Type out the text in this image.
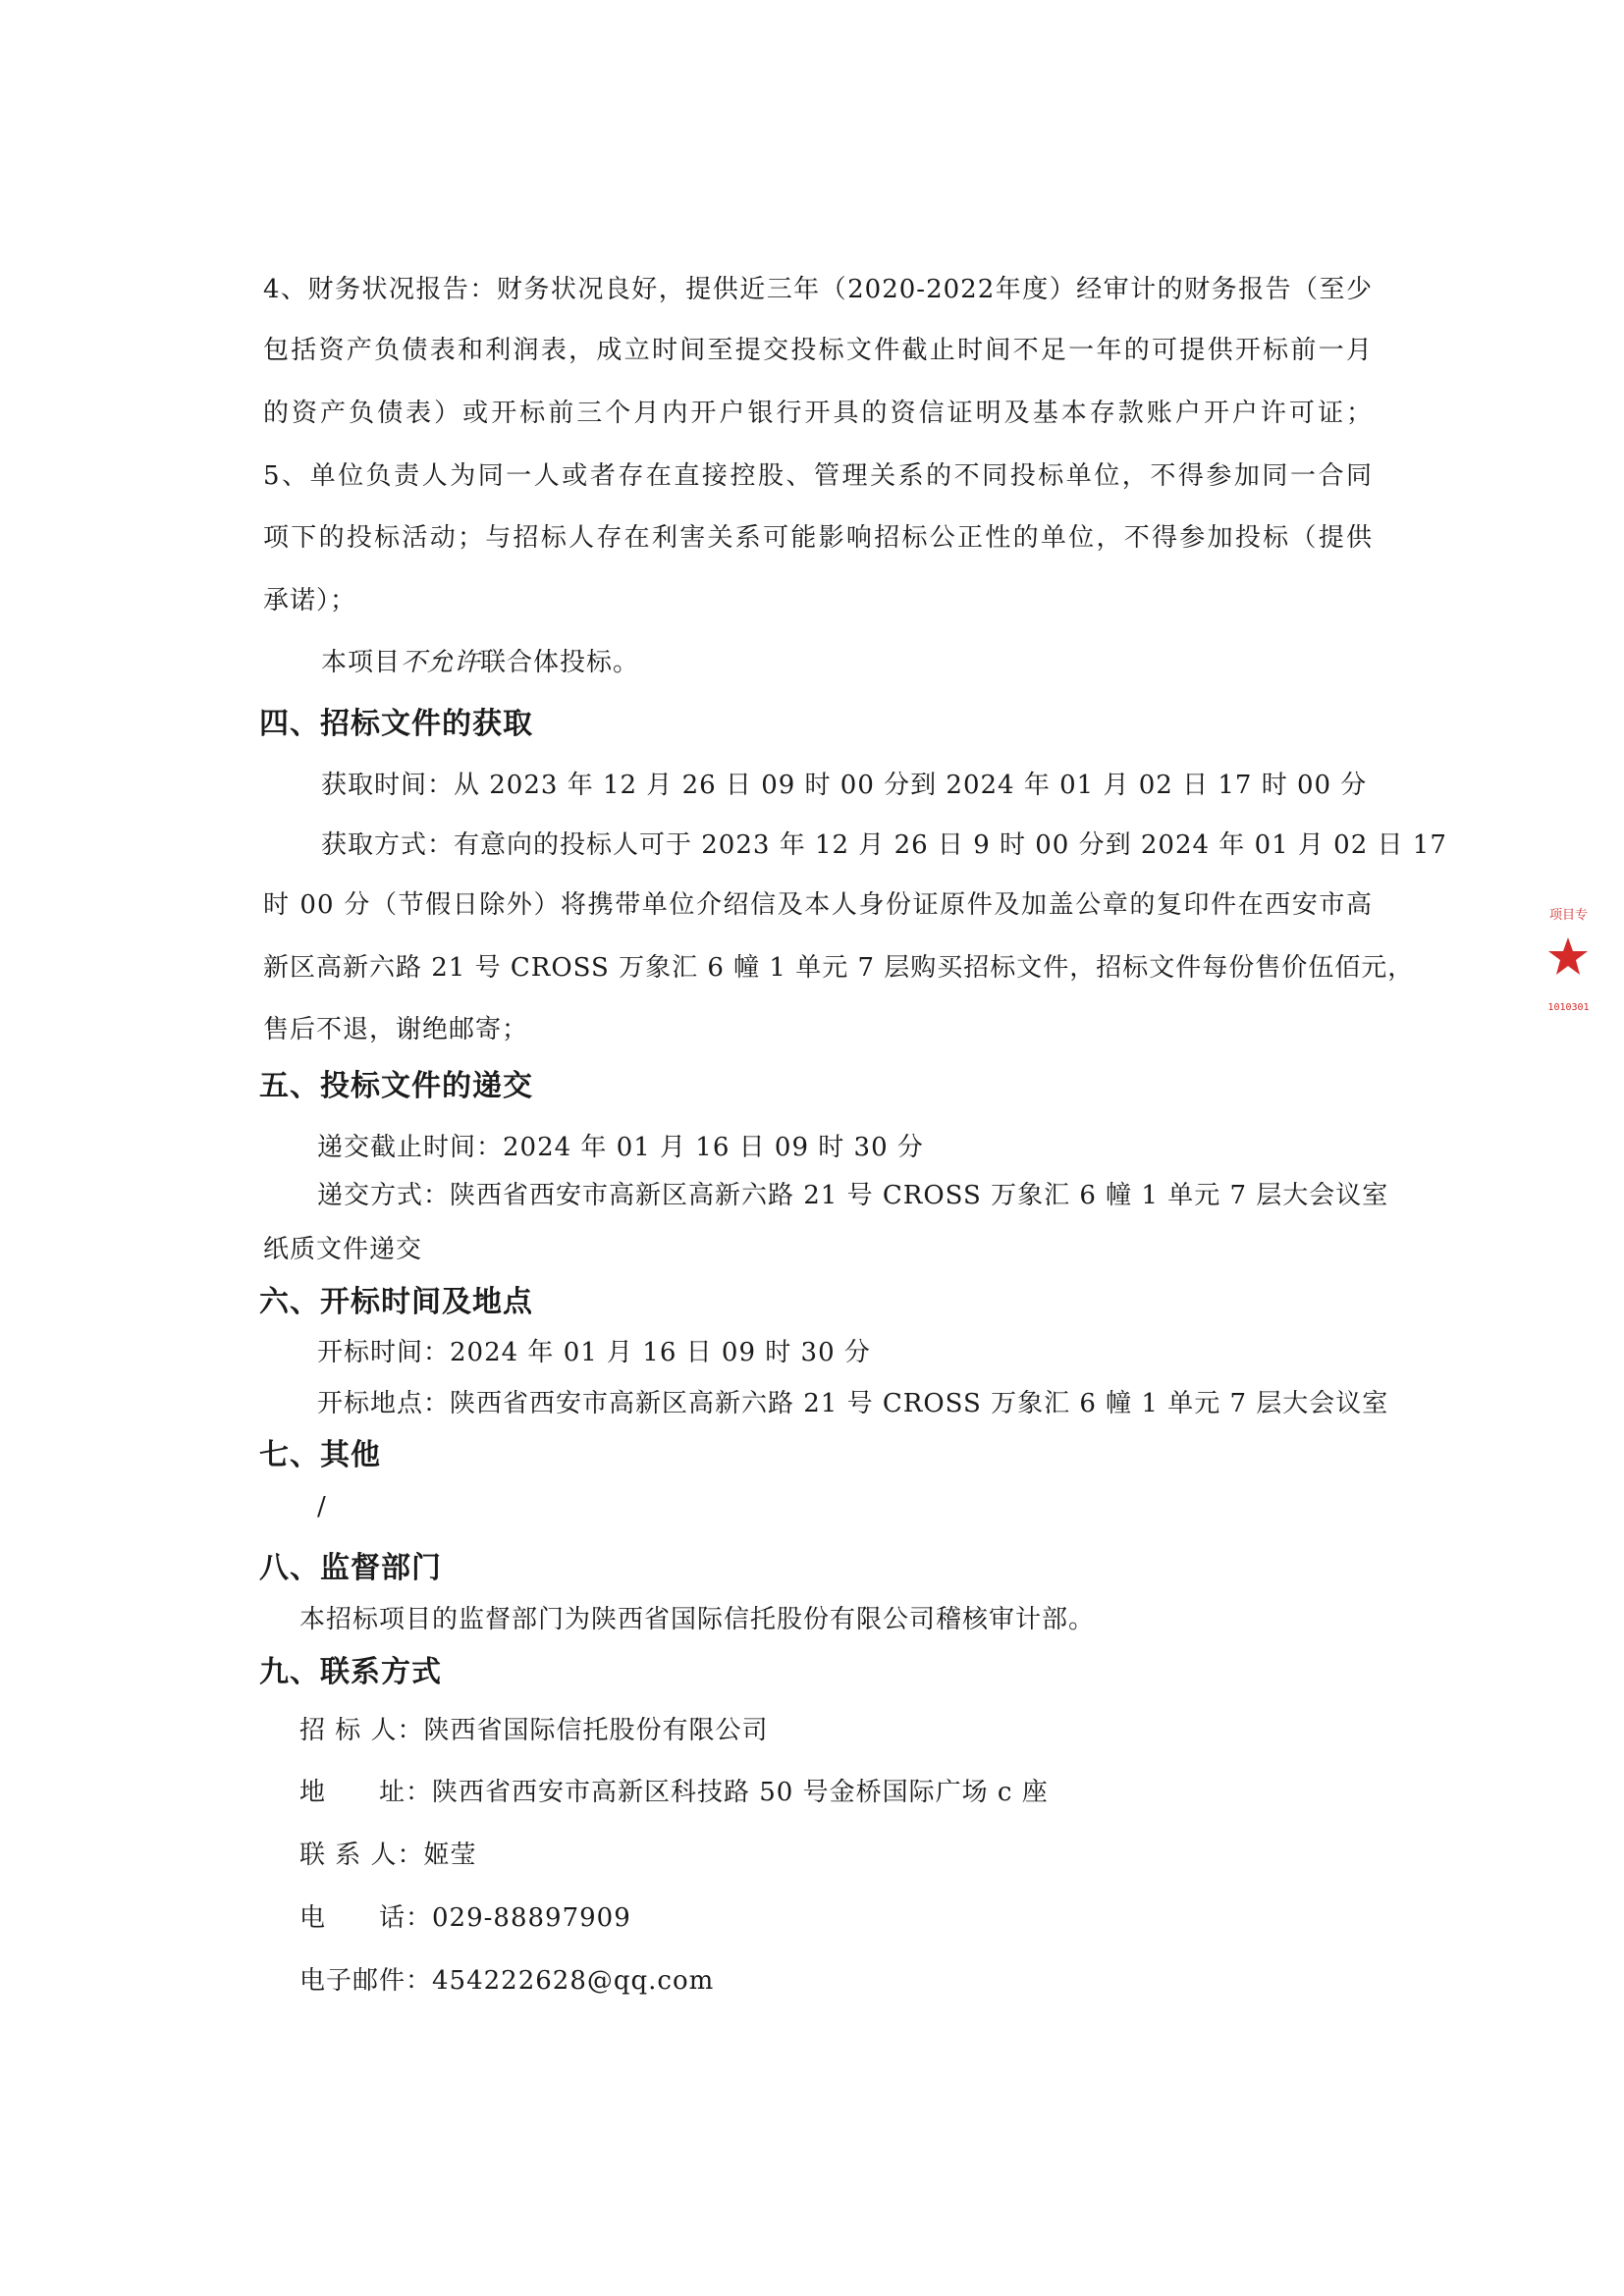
4、财务状况报告：财务状况良好，提供近三年（2020-2022年度）经审计的财务报告（至少
包括资产负债表和利润表，成立时间至提交投标文件截止时间不足一年的可提供开标前一月
的资产负债表）或开标前三个月内开户银行开具的资信证明及基本存款账户开户许可证；
5、单位负责人为同一人或者存在直接控股、管理关系的不同投标单位，不得参加同一合同
项下的投标活动；与招标人存在利害关系可能影响招标公正性的单位，不得参加投标（提供
承诺）；
本项目不允许联合体投标。
四、招标文件的获取
获取时间：从 2023 年 12 月 26 日 09 时 00 分到 2024 年 01 月 02 日 17 时 00 分
获取方式：有意向的投标人可于 2023 年 12 月 26 日 9 时 00 分到 2024 年 01 月 02 日 17
时 00 分（节假日除外）将携带单位介绍信及本人身份证原件及加盖公章的复印件在西安市高
新区高新六路 21 号 CROSS 万象汇 6 幢 1 单元 7 层购买招标文件，招标文件每份售价伍佰元，
售后不退，谢绝邮寄；
五、投标文件的递交
递交截止时间：2024 年 01 月 16 日 09 时 30 分
递交方式：陕西省西安市高新区高新六路 21 号 CROSS 万象汇 6 幢 1 单元 7 层大会议室
纸质文件递交
六、开标时间及地点
开标时间：2024 年 01 月 16 日 09 时 30 分
开标地点：陕西省西安市高新区高新六路 21 号 CROSS 万象汇 6 幢 1 单元 7 层大会议室
七、其他
/
八、监督部门
本招标项目的监督部门为陕西省国际信托股份有限公司稽核审计部。
九、联系方式
招 标 人：陕西省国际信托股份有限公司
地　　址：陕西省西安市高新区科技路 50 号金桥国际广场 c 座
联 系 人：姬莹
电　　话：029-88897909
电子邮件：454222628@qq.com
项目专
1010301
